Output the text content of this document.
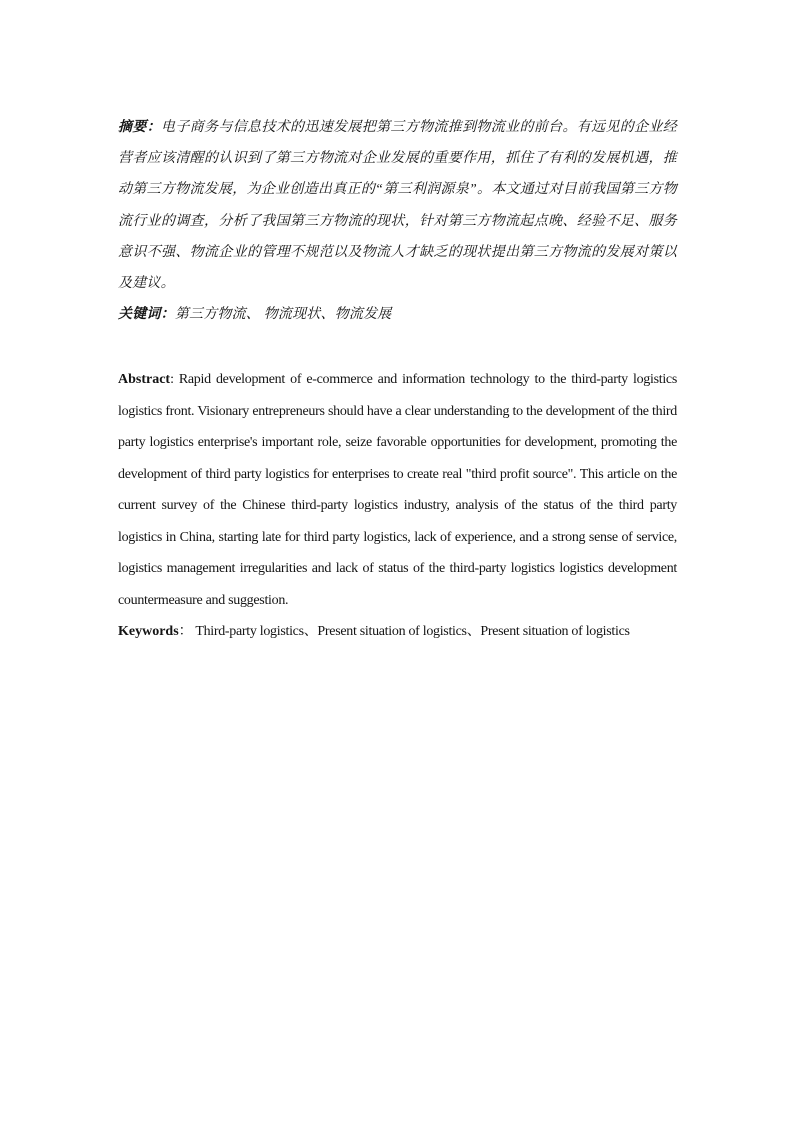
摘要：电子商务与信息技术的迅速发展把第三方物流推到物流业的前台。有远见的企业经营者应该清醒的认识到了第三方物流对企业发展的重要作用，抓住了有利的发展机遇，推动第三方物流发展，为企业创造出真正的“第三利润源泉”。本文通过对目前我国第三方物流行业的调查，分析了我国第三方物流的现状，针对第三方物流起点晚、经验不足、服务意识不强、物流企业的管理不规范以及物流人才缺乏的现状提出第三方物流的发展对策以及建议。

关键词：第三方物流、 物流现状、物流发展

Abstract: Rapid development of e-commerce and information technology to the third-party logistics logistics front. Visionary entrepreneurs should have a clear understanding to the development of the third party logistics enterprise's important role, seize favorable opportunities for development, promoting the development of third party logistics for enterprises to create real "third profit source". This article on the current survey of the Chinese third-party logistics industry, analysis of the status of the third party logistics in China, starting late for third party logistics, lack of experience, and a strong sense of service, logistics management irregularities and lack of status of the third-party logistics logistics development countermeasure and suggestion.

Keywords： Third-party logistics、Present situation of logistics、Present situation of logistics
